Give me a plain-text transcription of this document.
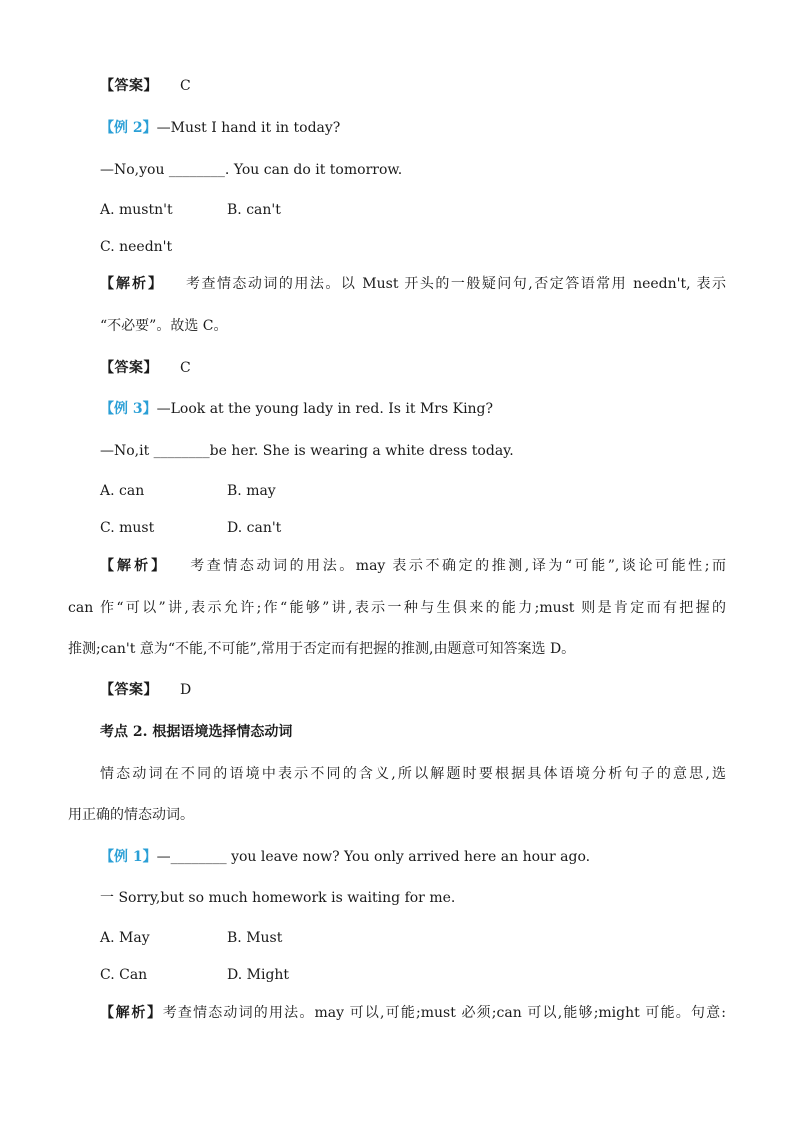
【答案】 C
【例 2】—Must I hand it in today?
—No,you ________. You can do it tomorrow.
A. mustn't	B. can't
C. needn't
【解析】 考查情态动词的用法。以 Must 开头的一般疑问句,否定答语常用 needn't, 表示
“不必要”。故选 C。
【答案】 C
【例 3】—Look at the young lady in red. Is it Mrs King?
—No,it ________be her. She is wearing a white dress today.
A. can	B. may
C. must	D. can't
【解析】 考查情态动词的用法。may 表示不确定的推测,译为“可能”,谈论可能性;而
can 作“可以”讲,表示允许;作“能够”讲,表示一种与生俱来的能力;must 则是肯定而有把握的
推测;can't 意为“不能,不可能”,常用于否定而有把握的推测,由题意可知答案选 D。
【答案】 D
考点 2. 根据语境选择情态动词
情态动词在不同的语境中表示不同的含义,所以解题时要根据具体语境分析句子的意思,选
用正确的情态动词。
【例 1】—________ you leave now? You only arrived here an hour ago.
一 Sorry,but so much homework is waiting for me.
A. May	B. Must
C. Can	D. Might
【解析】考查情态动词的用法。may 可以,可能;must 必须;can 可以,能够;might 可能。句意:
